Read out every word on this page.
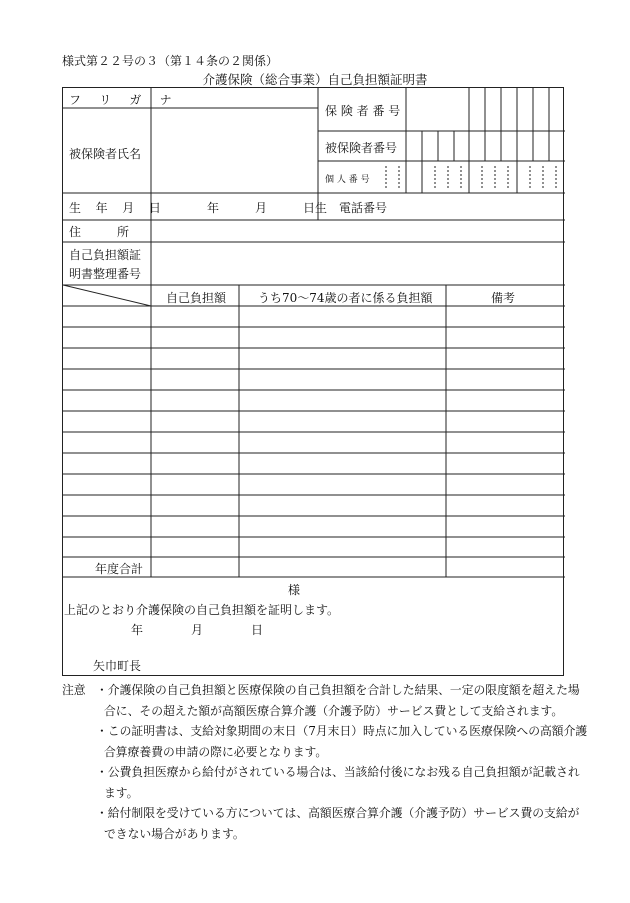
様式第２２号の３（第１４条の２関係）
介護保険（総合事業）自己負担額証明書
フ リ ガ ナ
被保険者氏名
保 険 者 番 号
被保険者番号
個 人 番 号
生 年 月 日	年　　　月　　　日生 電話番号
住　　　所
自己負担額証
明書整理番号
自己負担額	うち70〜74歳の者に係る負担額	備考
年度合計
様
上記のとおり介護保険の自己負担額を証明します。
年　　　　月　　　　日
矢巾町長
注意 ・介護保険の自己負担額と医療保険の自己負担額を合計した結果、一定の限度額を超えた場合に、その超えた額が高額医療合算介護（介護予防）サービス費として支給されます。
・この証明書は、支給対象期間の末日（7月末日）時点に加入している医療保険への高額介護合算療養費の申請の際に必要となります。
・公費負担医療から給付がされている場合は、当該給付後になお残る自己負担額が記載されます。
・給付制限を受けている方については、高額医療合算介護（介護予防）サービス費の支給ができない場合があります。
